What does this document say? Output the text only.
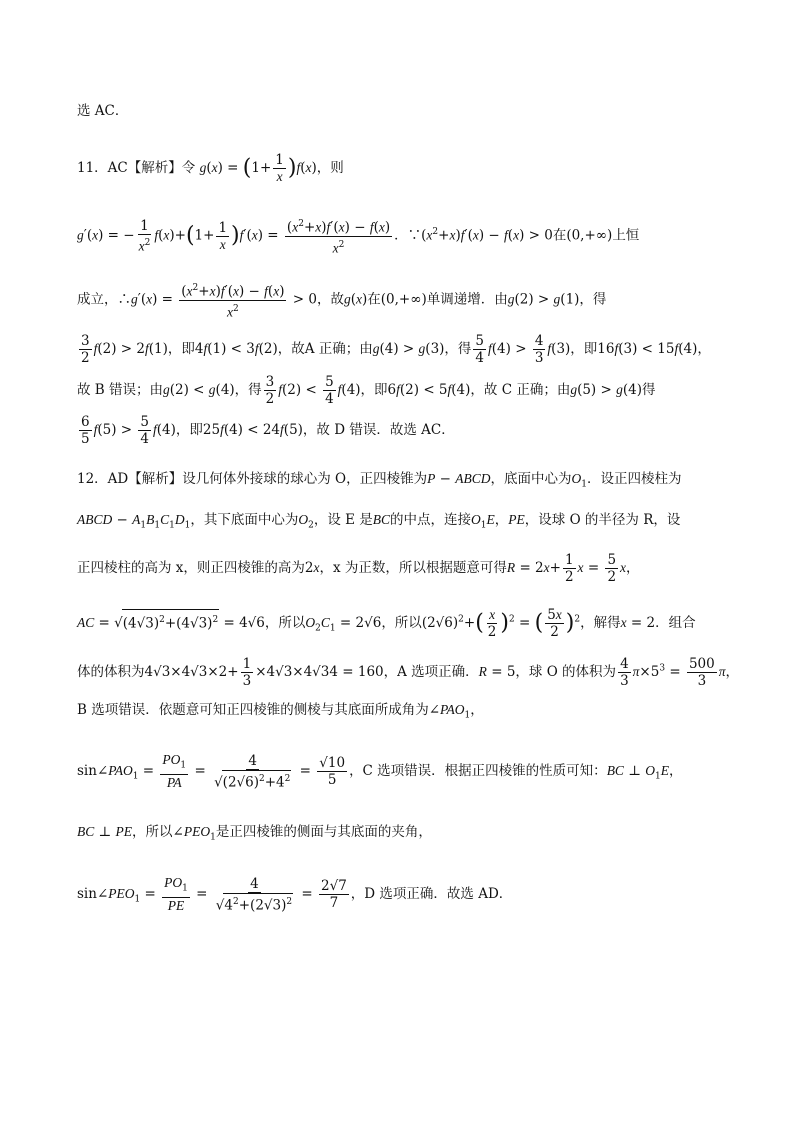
选 AC．
11．AC【解析】令 $g(x) = (1+ \frac{1}{x} )f(x)$，则
g′(x) = − $\frac{1}{x^2} f(x)+(1+ \frac{1}{x} )f'(x) = \frac{(x^2+x)f'(x) - f(x)}{x^2}$ ．$\because(x^2+x)f'(x) - f(x) > 0$在(0,+∞)上恒
成立，∴g′(x) = $\frac{(x^2+x)f'(x) - f(x)}{x^2} > 0$，故g(x)在(0,+∞)单调递增．由g(2) > g(1)，得
$\frac{3}{2} f(2) > 2f(1)$，即4f(1) < 3f(2)，故A 正确；由g(4) > g(3)，得 $\frac{5}{4} f(4) > \frac{4}{3} f(3)$，即16f(3) < 15f(4)，
故 B 错误；由g(2) < g(4)，得 $\frac{3}{2} f(2) < \frac{5}{4} f(4)$，即6f(2) < 5f(4)，故 C 正确；由g(5) > g(4)得
$\frac{6}{5} f(5) > \frac{5}{4} f(4)$，即25f(4) < 24f(5)，故 D 错误．故选 AC．
12．AD【解析】设几何体外接球的球心为 O，正四棱锥为P − ABCD，底面中心为$O_1$．设正四棱柱为
ABCD − $A_1B_1C_1D_1$，其下底面中心为$O_2$，设 E 是BC的中点，连接$O_1E$，PE，设球 O 的半径为 R，设
正四棱柱的高为 x，则正四棱锥的高为2x，x 为正数，所以根据题意可得$R = 2x+ \frac{1}{2}$ $x = \frac{5}{2}$ x，
AC = $√(4√3)^2+(4√3)^2 = 4√6$，所以$O_2C_1 = 2√6$，所以$(2√6)^2+( \frac{x}{2} )^2$ = ( $\frac{5x}{2} )^2$，解得x = 2．组合
体的体积为$4√3\times 4√3\times 2+ \frac{1}{3} \times 4√3\times 4√34 = 160$，A 选项正确．R = 5，球 O 的体积为 $\frac{4}{3} \pi\times 5^3 = \frac{500}{3}$ π，
B 选项错误．依题意可知正四棱锥的侧棱与其底面所成角为$\angle PAO_1$，
$\sin\angle PAO_1 = \frac{PO_1}{PA} = \frac{4}{√(2√6)^2+4^2} = \frac{√10}{5}$ ，C 选项错误．根据正四棱锥的性质可知：BC ⊥ $O_1E$，
BC ⊥ PE，所以$\angle PEO_1$是正四棱锥的侧面与其底面的夹角，
$\sin\angle PEO_1 = \frac{PO_1}{PE} = \frac{4}{√4^2+(2√3)^2} = \frac{2√7}{7}$ ，D 选项正确．故选 AD．
